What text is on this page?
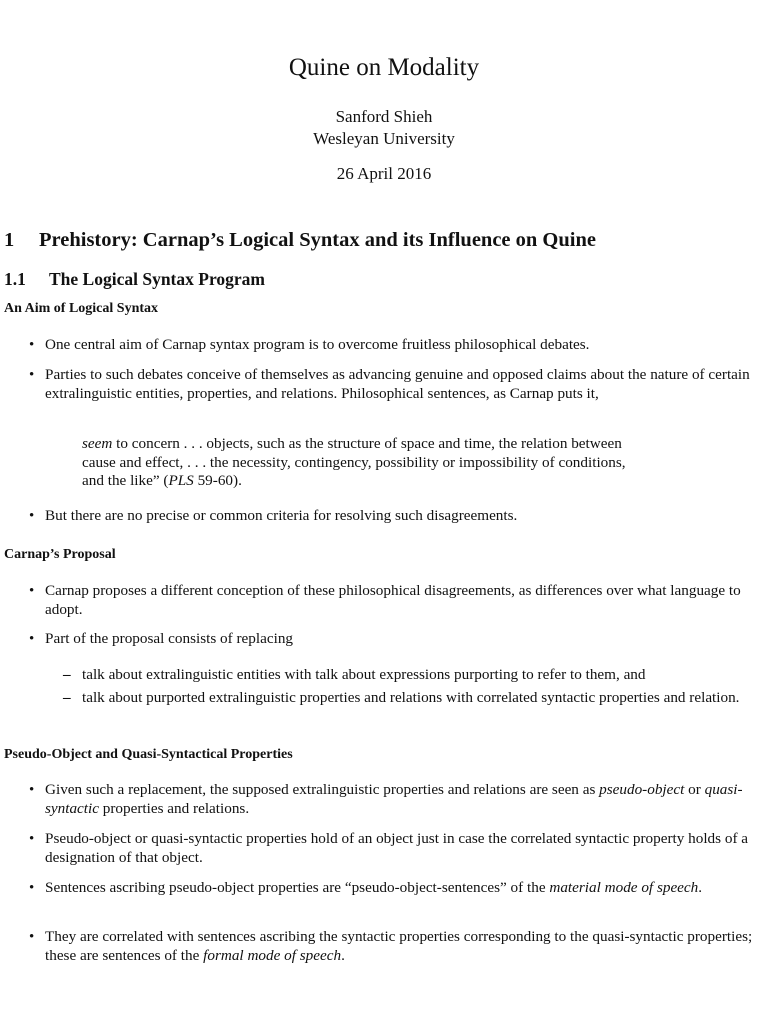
Quine on Modality
Sanford Shieh
Wesleyan University
26 April 2016
1 Prehistory: Carnap’s Logical Syntax and its Influence on Quine
1.1 The Logical Syntax Program
An Aim of Logical Syntax
• One central aim of Carnap syntax program is to overcome fruitless philosophical debates.
• Parties to such debates conceive of themselves as advancing genuine and opposed claims about the nature of certain extralinguistic entities, properties, and relations. Philosophical sentences, as Carnap puts it,
seem to concern . . . objects, such as the structure of space and time, the relation between
cause and effect, . . . the necessity, contingency, possibility or impossibility of conditions,
and the like” (PLS 59-60).
• But there are no precise or common criteria for resolving such disagreements.
Carnap’s Proposal
• Carnap proposes a different conception of these philosophical disagreements, as differences over what language to adopt.
• Part of the proposal consists of replacing
– talk about extralinguistic entities with talk about expressions purporting to refer to them, and
– talk about purported extralinguistic properties and relations with correlated syntactic properties and relation.
Pseudo-Object and Quasi-Syntactical Properties
• Given such a replacement, the supposed extralinguistic properties and relations are seen as pseudo-object or quasi-syntactic properties and relations.
• Pseudo-object or quasi-syntactic properties hold of an object just in case the correlated syntactic property holds of a designation of that object.
• Sentences ascribing pseudo-object properties are “pseudo-object-sentences” of the material mode of speech.
• They are correlated with sentences ascribing the syntactic properties corresponding to the quasi-syntactic properties; these are sentences of the formal mode of speech.
